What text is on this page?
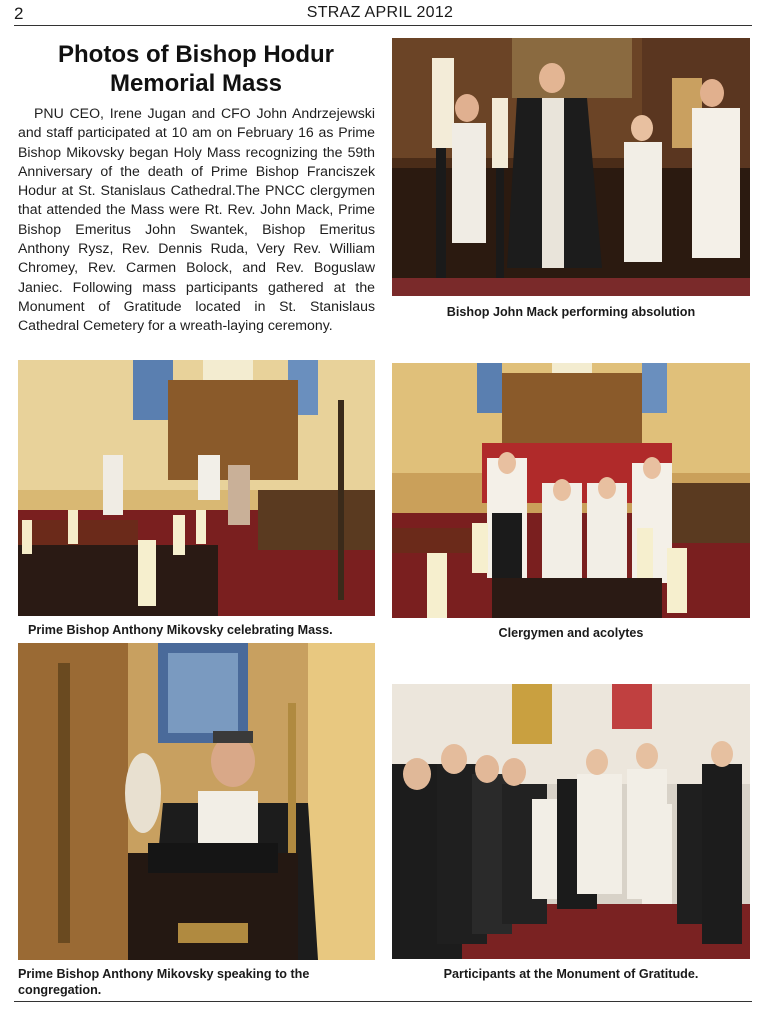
2	STRAZ APRIL 2012
Photos of Bishop Hodur Memorial Mass
PNU CEO, Irene Jugan and CFO John Andrzejewski and staff participated at 10 am on February 16 as Prime Bishop Mikovsky began Holy Mass recognizing the 59th Anniversary of the death of Prime Bishop Franciszek Hodur at St. Stanislaus Cathedral.The PNCC clergymen that attended the Mass were Rt. Rev. John Mack, Prime Bishop Emeritus John Swantek, Bishop Emeritus Anthony Rysz, Rev. Dennis Ruda, Very Rev. William Chromey, Rev. Carmen Bolock, and Rev. Boguslaw Janiec. Following mass participants gathered at the Monument of Gratitude located in St. Stanislaus Cathedral Cemetery for a wreath-laying ceremony.
Bishop John Mack performing absolution
Prime Bishop Anthony Mikovsky celebrating Mass.	Clergymen and acolytes
Prime Bishop Anthony Mikovsky speaking to the congregation.
Participants at the Monument of Gratitude.
